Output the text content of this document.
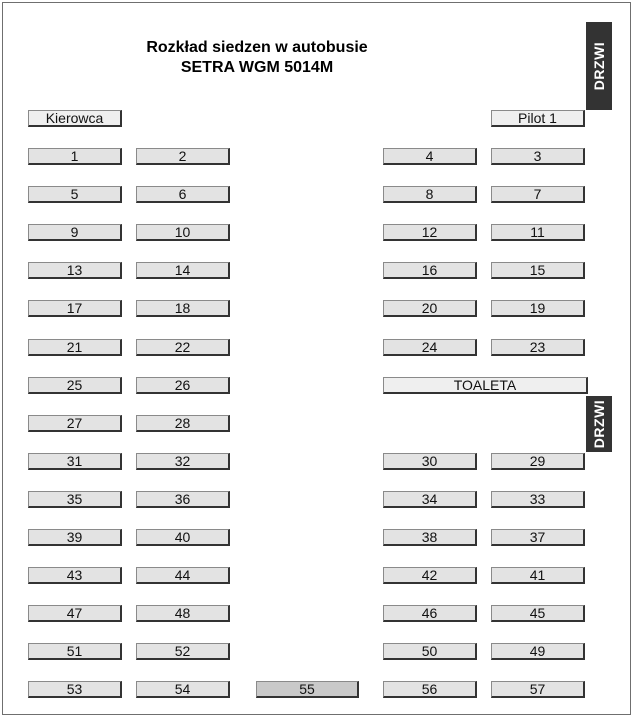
Rozkład siedzen w autobusie
SETRA WGM 5014M	DRZWI
DRZWI
Kierowca	Pilot 1
1	2	4	3
5	6	8	7
9	10	12	11
13	14	16	15
17	18	20	19
21	22	24	23
25	26	TOALETA
27	28
31	32	30	29
35	36	34	33
39	40	38	37
43	44	42	41
47	48	46	45
51	52	50	49
53	54	55	56	57
